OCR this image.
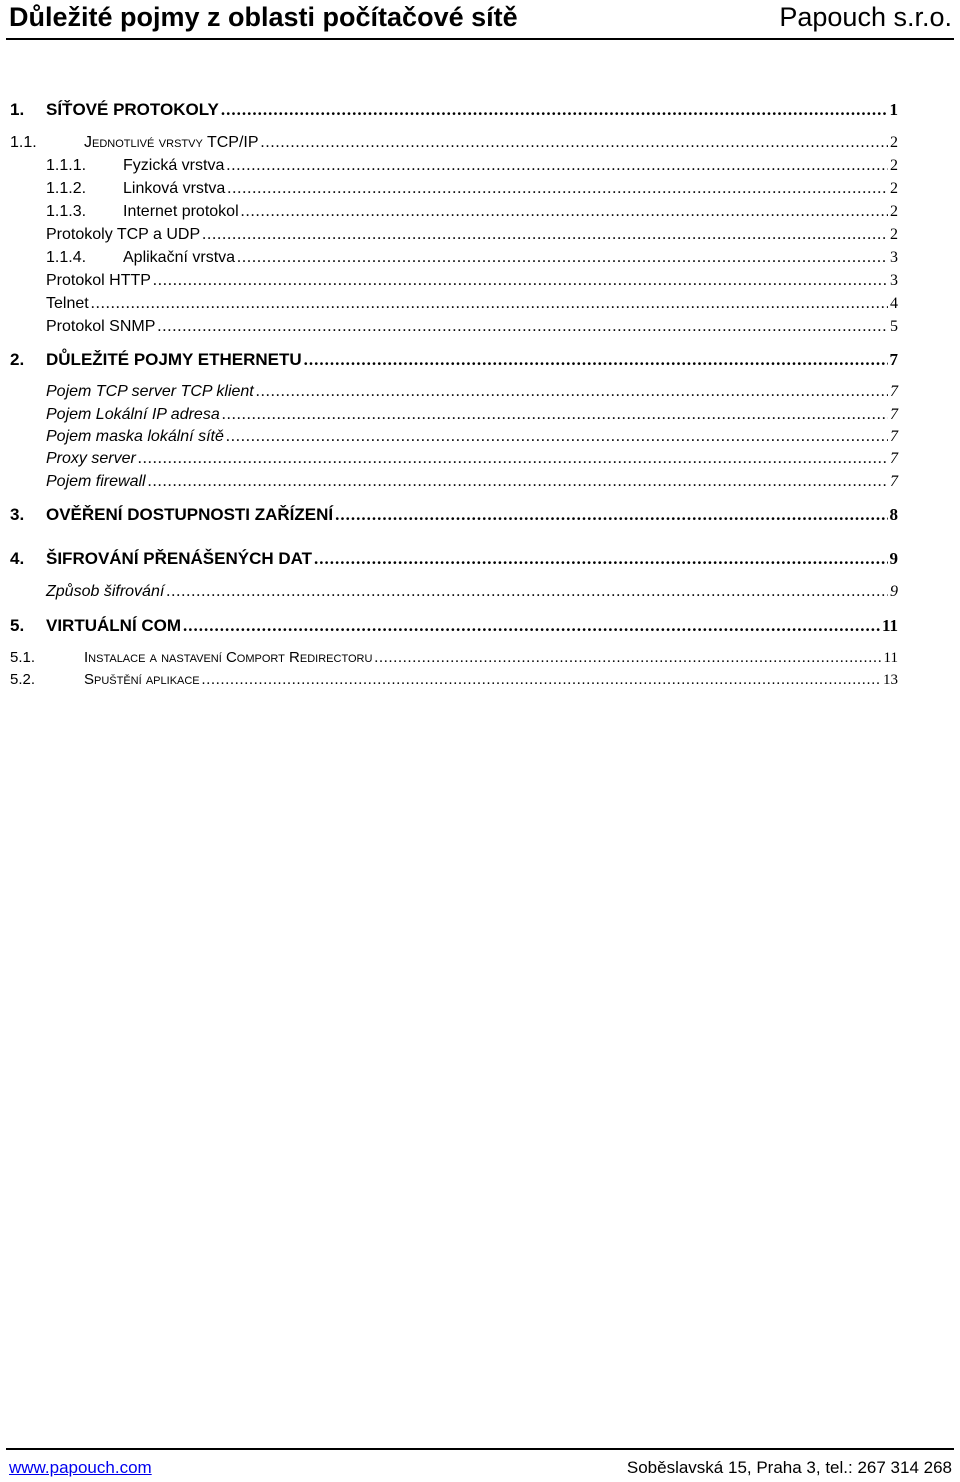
Důležité pojmy z oblasti počítačové sítě	Papouch s.r.o.
1.	SÍŤOVÉ PROTOKOLY .....	1
1.1.	Jednotlivé vrstvy TCP/IP .....	2
1.1.1.	Fyzická vrstva .....	2
1.1.2.	Linková vrstva .....	2
1.1.3.	Internet protokol .....	2
Protokoly TCP a UDP .....	2
1.1.4.	Aplikační vrstva .....	3
Protokol HTTP .....	3
Telnet .....	4
Protokol SNMP .....	5
2.	DŮLEŽITÉ POJMY ETHERNETU .....	7
Pojem TCP server TCP klient .....	7
Pojem Lokální IP adresa .....	7
Pojem maska lokální sítě .....	7
Proxy server .....	7
Pojem firewall .....	7
3.	OVĚŘENÍ DOSTUPNOSTI ZAŘÍZENÍ .....	8
4.	ŠIFROVÁNÍ PŘENÁŠENÝCH DAT .....	9
Způsob šifrování .....	9
5.	VIRTUÁLNÍ COM .....	11
5.1.	Instalace a nastavení Comport Redirectoru .....	11
5.2.	Spuštění aplikace .....	13
www.papouch.com	Soběslavská 15, Praha 3, tel.: 267 314 268
